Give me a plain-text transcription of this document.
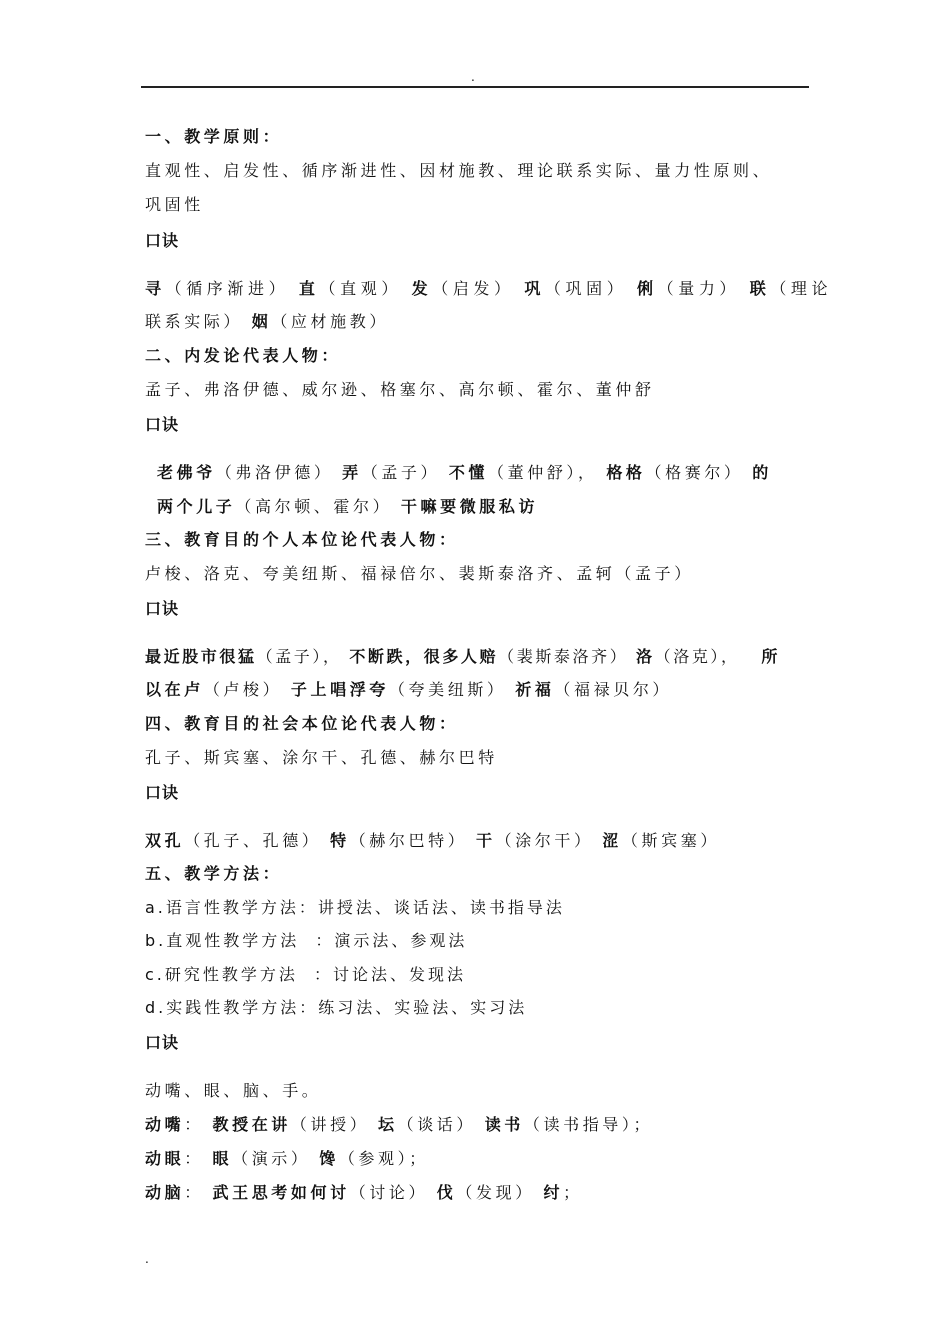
.
一、教学原则：
直观性、启发性、循序渐进性、因材施教、理论联系实际、量力性原则、
巩固性
口诀
寻（循序渐进） 直（直观） 发（启发） 巩（巩固） 俐（量力） 联（理论
联系实际） 姻（应材施教）
二、内发论代表人物：
孟子、弗洛伊德、威尔逊、格塞尔、高尔顿、霍尔、董仲舒
口诀
老佛爷（弗洛伊德） 弄（孟子） 不懂（董仲舒）， 格格（格赛尔） 的
两个儿子（高尔顿、霍尔） 干嘛要微服私访
三、教育目的个人本位论代表人物：
卢梭、洛克、夸美纽斯、福禄倍尔、裴斯泰洛齐、孟轲（孟子）
口诀
最近股市很猛（孟子）， 不断跌，很多人赔（裴斯泰洛齐） 洛（洛克）， 所
以在卢（卢梭） 子上唱浮夸（夸美纽斯） 祈福（福禄贝尔）
四、教育目的社会本位论代表人物：
孔子、斯宾塞、涂尔干、孔德、赫尔巴特
口诀
双孔（孔子、孔德） 特（赫尔巴特） 干（涂尔干） 涩（斯宾塞）
五、教学方法：
a.语言性教学方法：讲授法、谈话法、读书指导法
b.直观性教学方法  ：演示法、参观法
c.研究性教学方法  ：讨论法、发现法
d.实践性教学方法：练习法、实验法、实习法
口诀
动嘴、眼、脑、手。
动嘴： 教授在讲（讲授） 坛（谈话） 读书（读书指导）；
动眼： 眼（演示） 馋（参观）；
动脑： 武王思考如何讨（讨论） 伐（发现） 纣；
.
